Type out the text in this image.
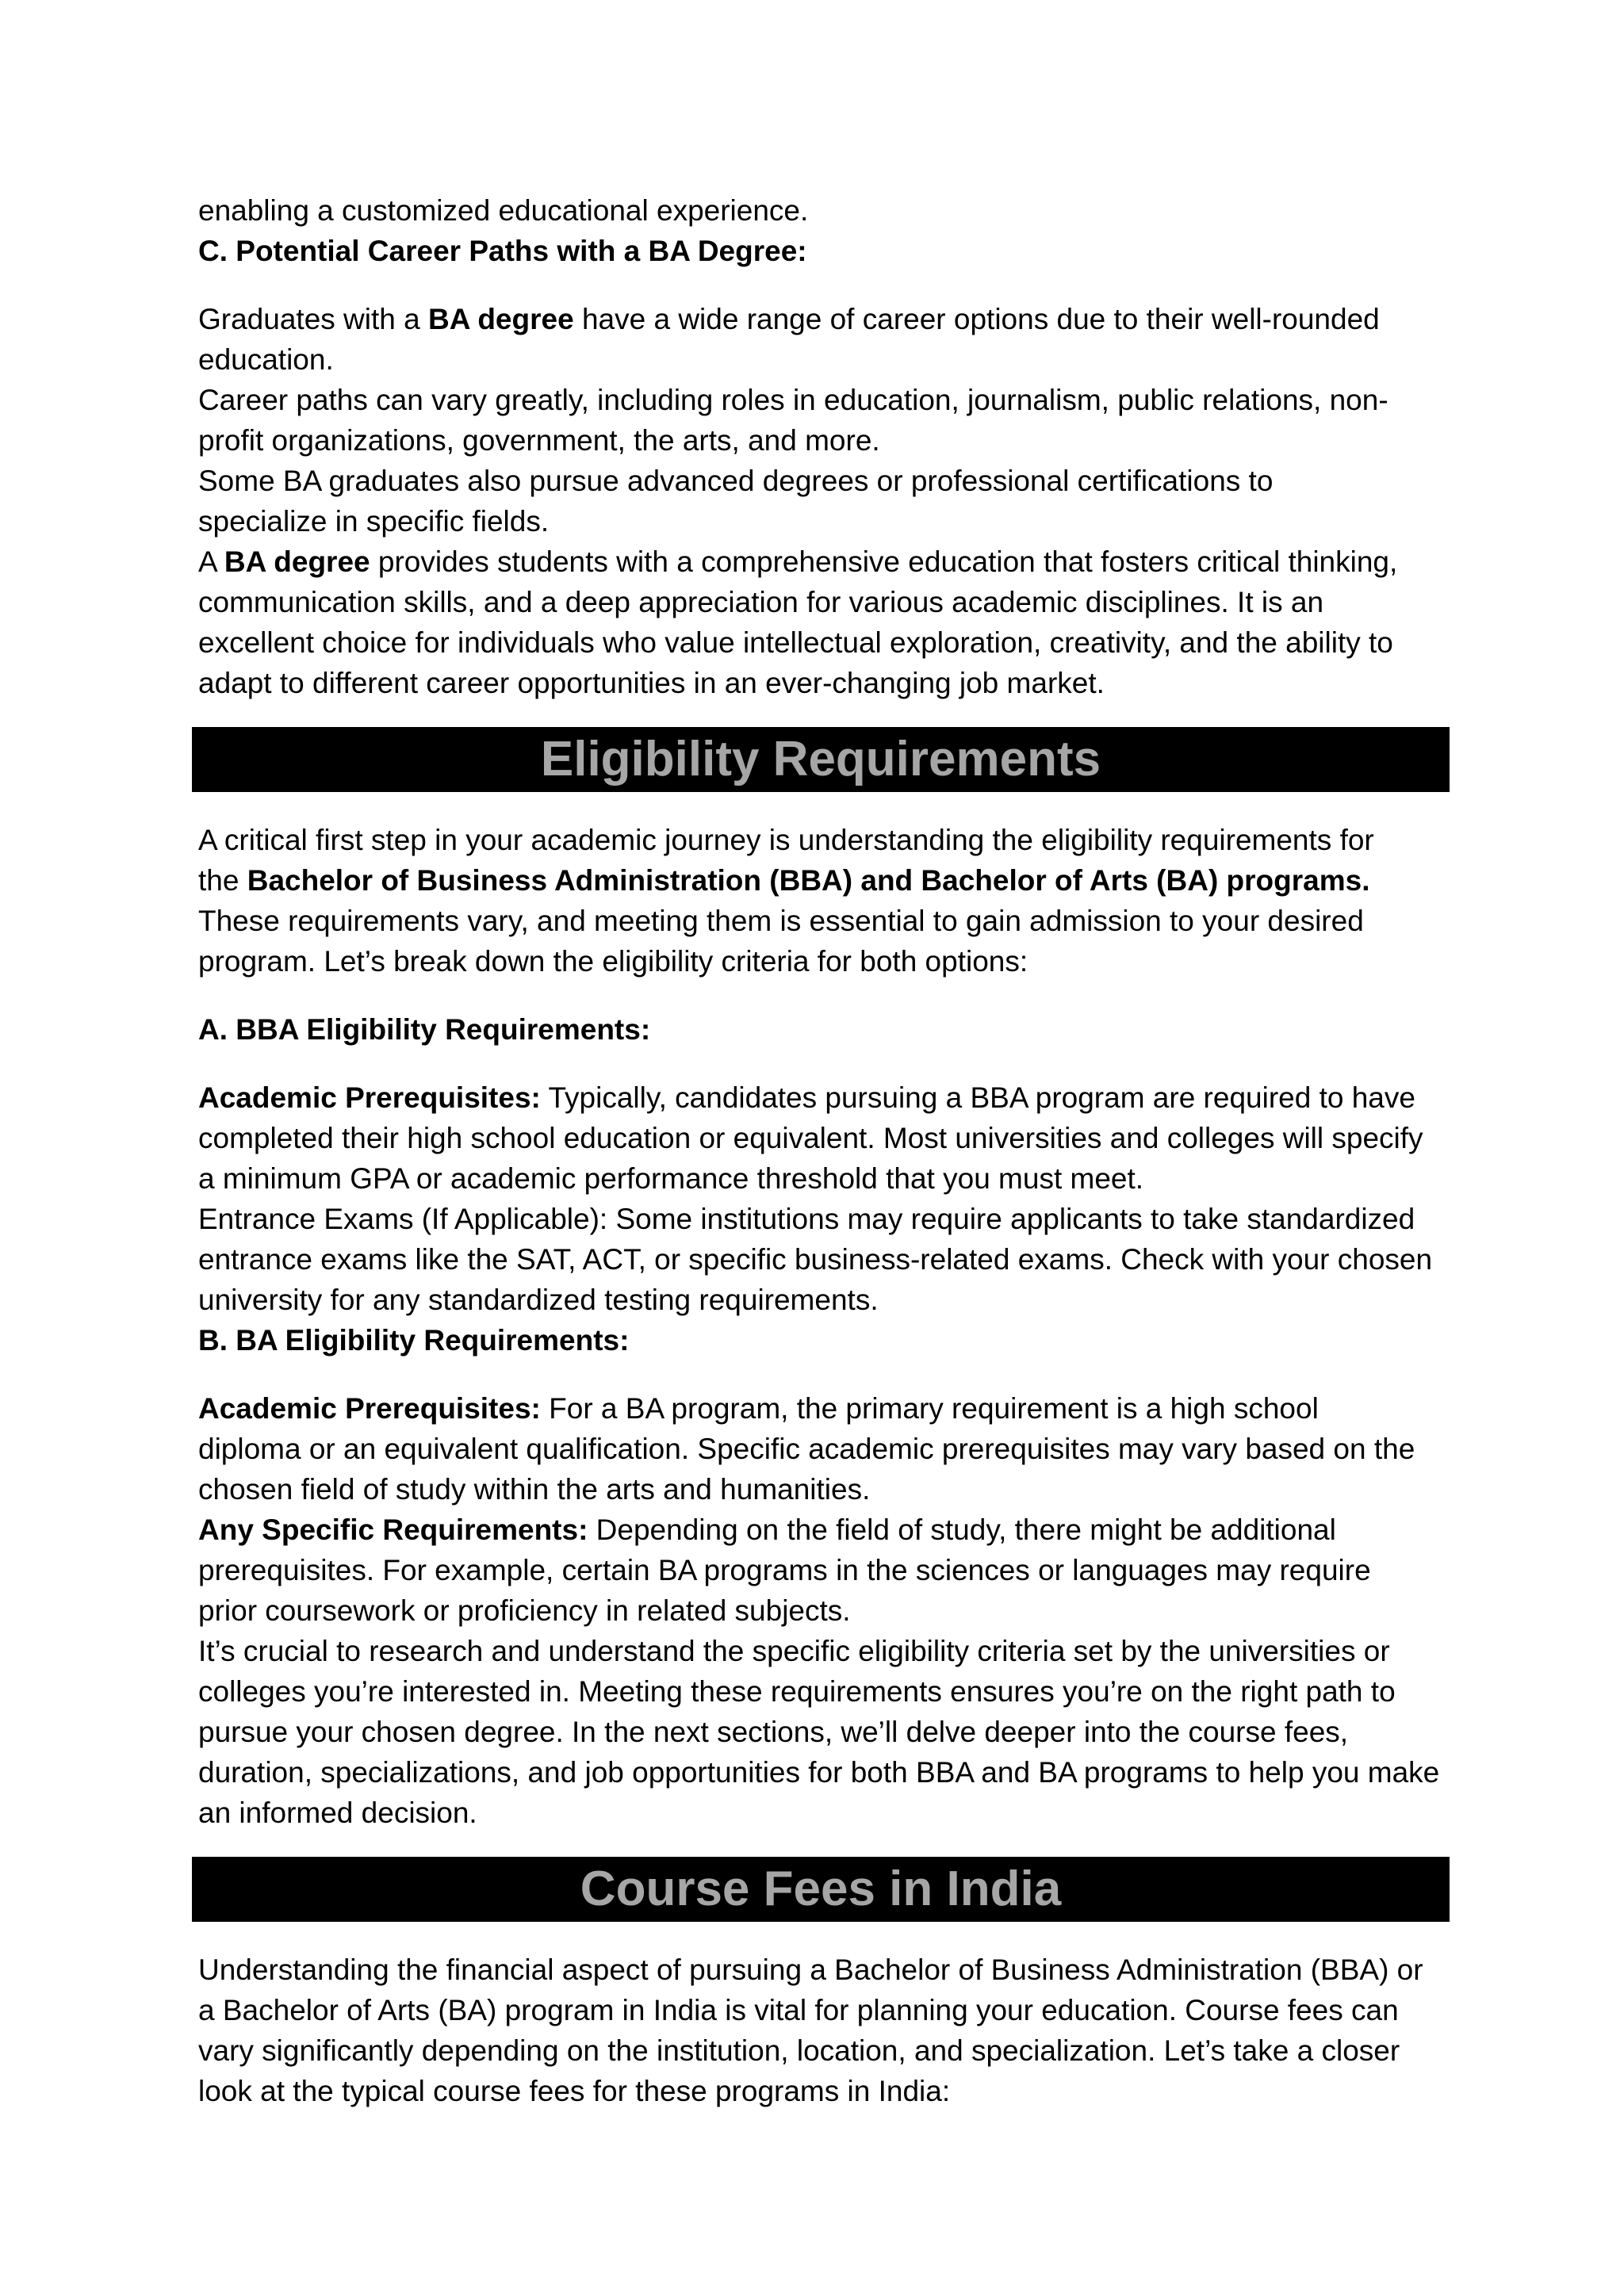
enabling a customized educational experience.

C. Potential Career Paths with a BA Degree:

Graduates with a BA degree have a wide range of career options due to their well-rounded education.

Career paths can vary greatly, including roles in education, journalism, public relations, non-profit organizations, government, the arts, and more.

Some BA graduates also pursue advanced degrees or professional certifications to specialize in specific fields.

A BA degree provides students with a comprehensive education that fosters critical thinking, communication skills, and a deep appreciation for various academic disciplines. It is an excellent choice for individuals who value intellectual exploration, creativity, and the ability to adapt to different career opportunities in an ever-changing job market.

Eligibility Requirements

A critical first step in your academic journey is understanding the eligibility requirements for the Bachelor of Business Administration (BBA) and Bachelor of Arts (BA) programs. These requirements vary, and meeting them is essential to gain admission to your desired program. Let’s break down the eligibility criteria for both options:

A. BBA Eligibility Requirements:

Academic Prerequisites: Typically, candidates pursuing a BBA program are required to have completed their high school education or equivalent. Most universities and colleges will specify a minimum GPA or academic performance threshold that you must meet.

Entrance Exams (If Applicable): Some institutions may require applicants to take standardized entrance exams like the SAT, ACT, or specific business-related exams. Check with your chosen university for any standardized testing requirements.

B. BA Eligibility Requirements:

Academic Prerequisites: For a BA program, the primary requirement is a high school diploma or an equivalent qualification. Specific academic prerequisites may vary based on the chosen field of study within the arts and humanities.

Any Specific Requirements: Depending on the field of study, there might be additional prerequisites. For example, certain BA programs in the sciences or languages may require prior coursework or proficiency in related subjects.

It’s crucial to research and understand the specific eligibility criteria set by the universities or colleges you’re interested in. Meeting these requirements ensures you’re on the right path to pursue your chosen degree. In the next sections, we’ll delve deeper into the course fees, duration, specializations, and job opportunities for both BBA and BA programs to help you make an informed decision.

Course Fees in India

Understanding the financial aspect of pursuing a Bachelor of Business Administration (BBA) or a Bachelor of Arts (BA) program in India is vital for planning your education. Course fees can vary significantly depending on the institution, location, and specialization. Let’s take a closer look at the typical course fees for these programs in India:
